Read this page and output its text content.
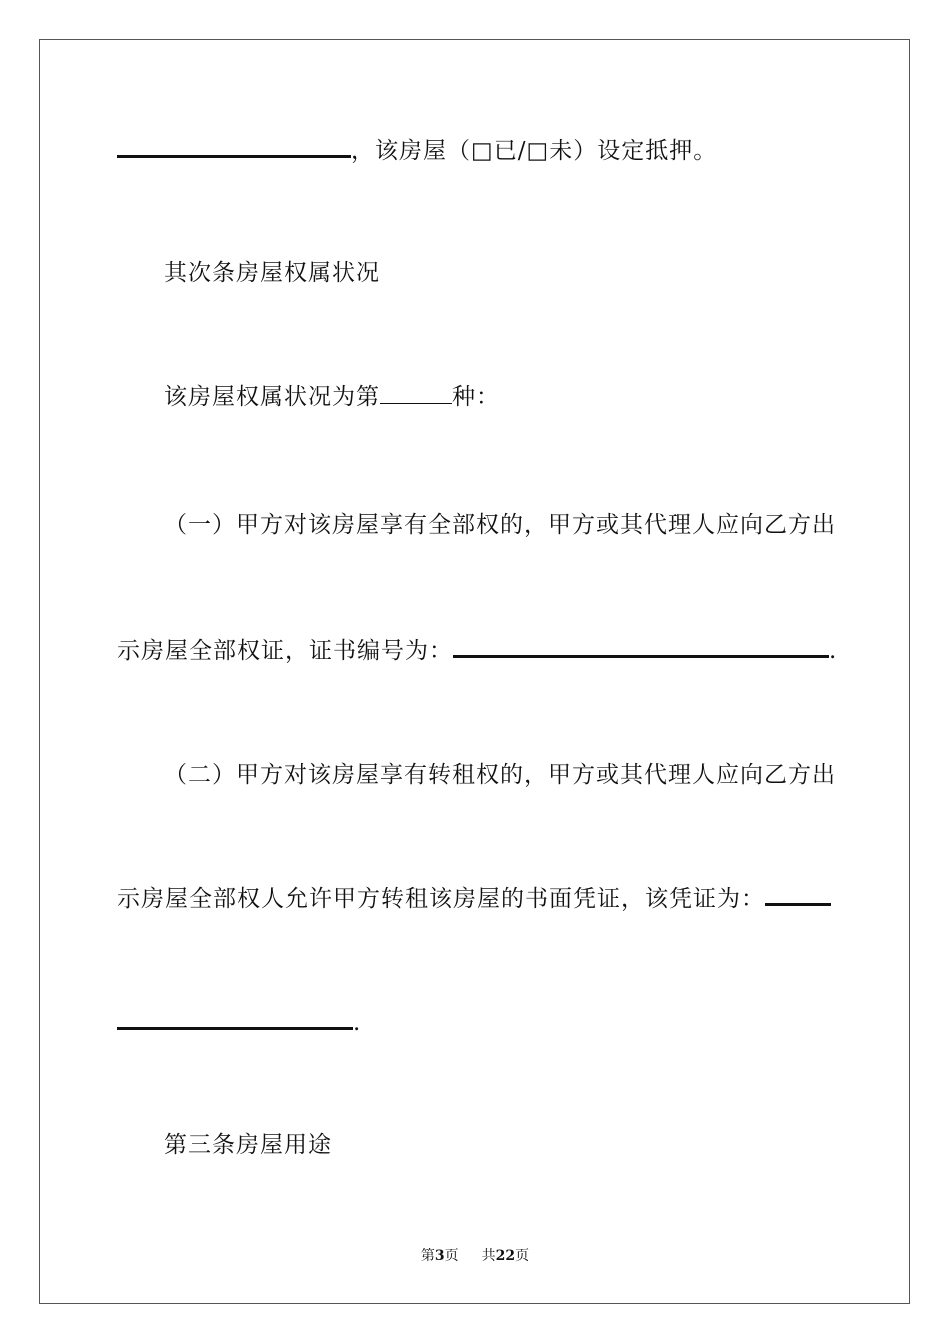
，该房屋（□已/□未）设定抵押。
其次条房屋权属状况
该房屋权属状况为第	种：
（一）甲方对该房屋享有全部权的，甲方或其代理人应向乙方出
示房屋全部权证，证书编号为：	.
（二）甲方对该房屋享有转租权的，甲方或其代理人应向乙方出
示房屋全部权人允许甲方转租该房屋的书面凭证，该凭证为：
.
第三条房屋用途
第3页 共22页
